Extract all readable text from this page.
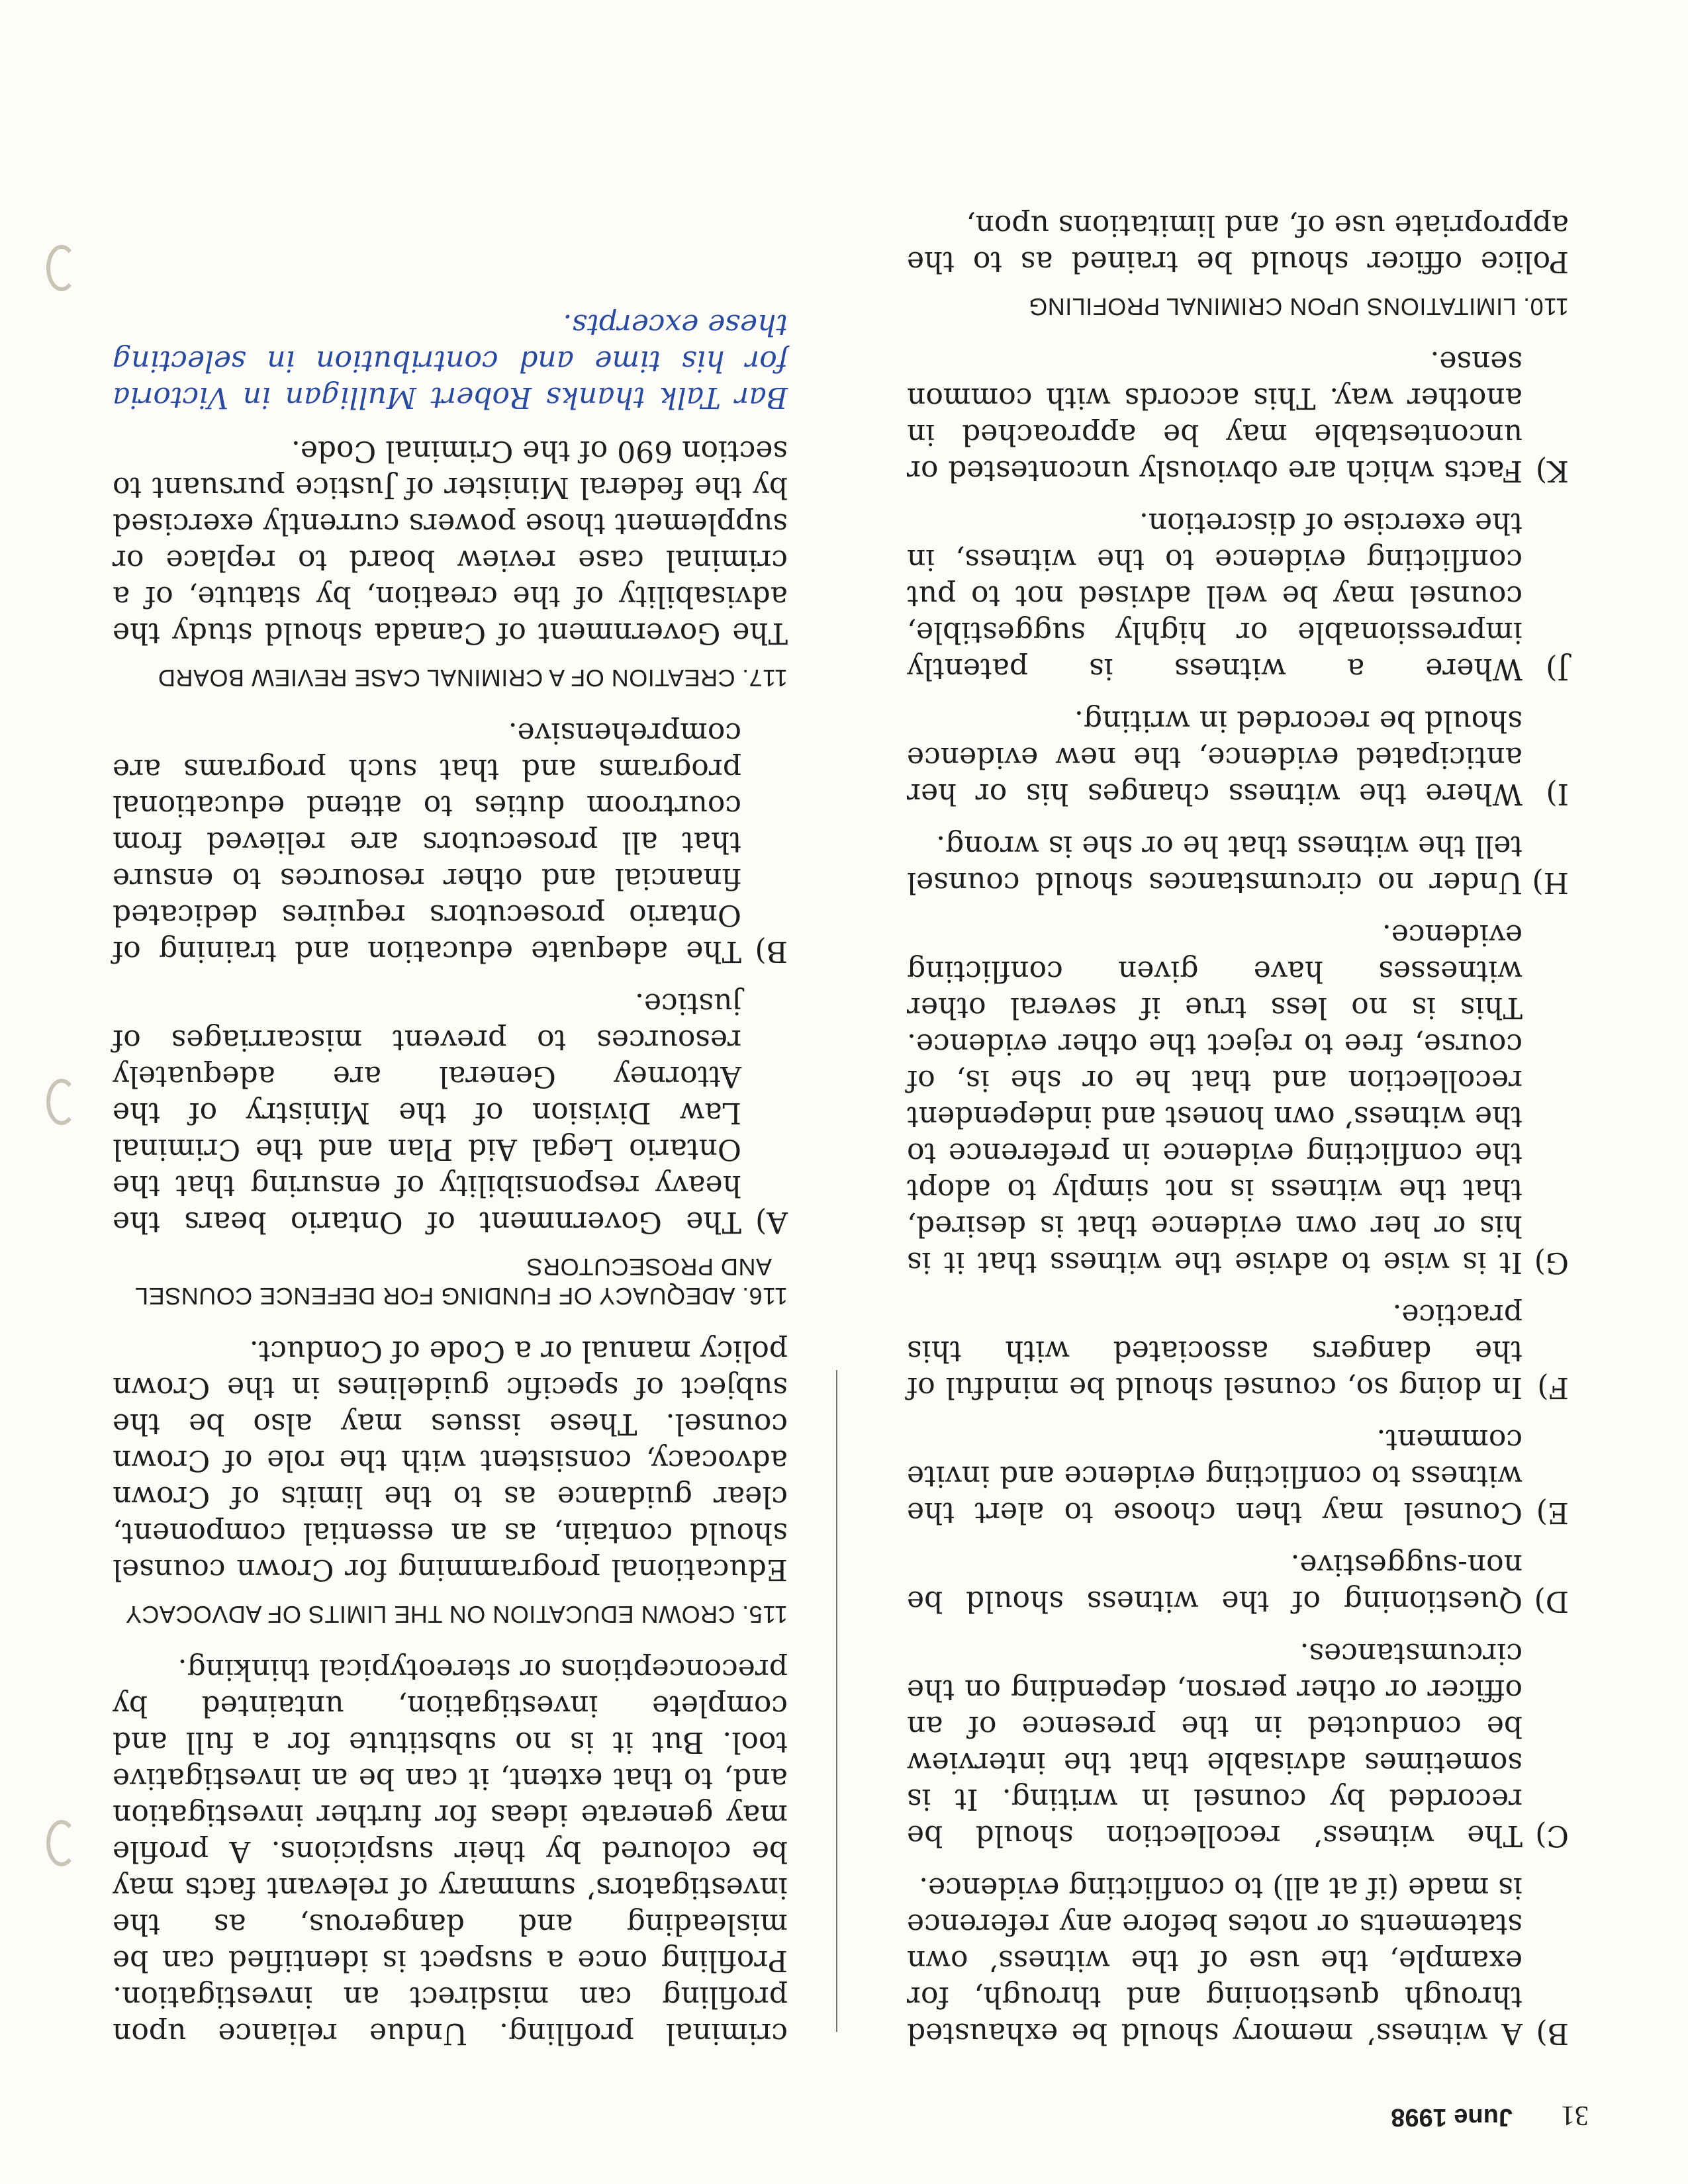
31
June 1998
B)
A witness’ memory should be exhausted through questioning and through, for example, the use of the witness’ own statements or notes before any reference is made (if at all) to conflicting evidence.
C)
The witness’ recollection should be recorded by counsel in writing. It is sometimes advisable that the interview be conducted in the presence of an officer or other person, depending on the circumstances.
D)
Questioning of the witness should be non-suggestive.
E)
Counsel may then choose to alert the witness to conflicting evidence and invite comment.
F)
In doing so, counsel should be mindful of the dangers associated with this practice.
G)
It is wise to advise the witness that it is his or her own evidence that is desired, that the witness is not simply to adopt the conflicting evidence in preference to the witness’ own honest and independent recollection and that he or she is, of course, free to reject the other evidence. This is no less true if several other witnesses have given conflicting evidence.
H)
Under no circumstances should counsel tell the witness that he or she is wrong.
I)
Where the witness changes his or her anticipated evidence, the new evidence should be recorded in writing.
J)
Where a witness is patently impressionable or highly suggestible, counsel may be well advised not to put conflicting evidence to the witness, in the exercise of discretion.
K)
Facts which are obviously uncontested or uncontestable may be approached in another way. This accords with common sense.
110.LIMITATIONS UPON CRIMINAL PROFILING

Police officer should be trained as to the appropriate use of, and limitations upon,

criminal profiling. Undue reliance upon profiling can misdirect an investigation. Profiling once a suspect is identified can be misleading and dangerous, as the investigators’ summary of relevant facts may be coloured by their suspicions. A profile may generate ideas for further investigation and, to that extent, it can be an investigative tool. But it is no substitute for a full and complete investigation, untainted by preconceptions or stereotypical thinking.

115.CROWN EDUCATION ON THE LIMITS OF ADVOCACY

Educational programming for Crown counsel should contain, as an essential component, clear guidance as to the limits of Crown advocacy, consistent with the role of Crown counsel. These issues may also be the subject of specific guidelines in the Crown policy manual or a Code of Conduct.

116.ADEQUACY OF FUNDING FOR DEFENCE COUNSEL AND PROSECUTORS
A)
The Government of Ontario bears the heavy responsibility of ensuring that the Ontario Legal Aid Plan and the Criminal Law Division of the Ministry of the Attorney General are adequately resources to prevent miscarriages of justice.
B)
The adequate education and training of Ontario prosecutors requires dedicated financial and other resources to ensure that all prosecutors are relieved from courtroom duties to attend educational programs and that such programs are comprehensive.
117.CREATION OF A CRIMINAL CASE REVIEW BOARD

The Government of Canada should study the advisability of the creation, by statute, of a criminal case review board to replace or supplement those powers currently exercised by the federal Minister of Justice pursuant to section 690 of the Criminal Code.

Bar Talk thanks Robert Mulligan in Victoria for his time and contribution in selecting these excerpts.
